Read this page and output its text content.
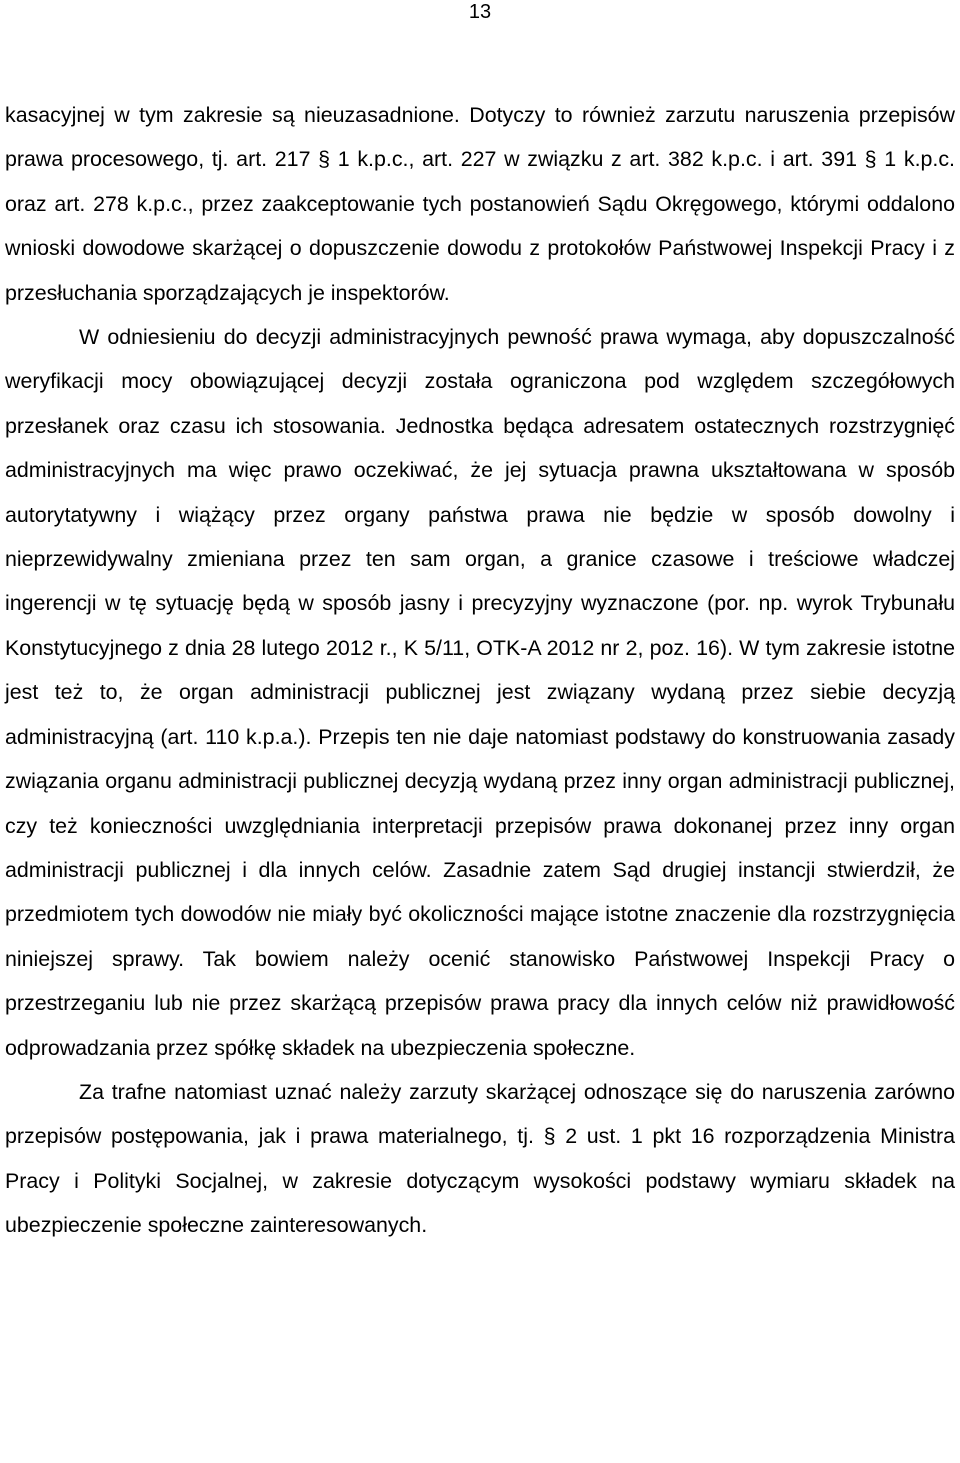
13

kasacyjnej w tym zakresie są nieuzasadnione. Dotyczy to również zarzutu naruszenia przepisów prawa procesowego, tj. art. 217 § 1 k.p.c., art. 227 w związku z art. 382 k.p.c. i art. 391 § 1 k.p.c. oraz art. 278 k.p.c., przez zaakceptowanie tych postanowień Sądu Okręgowego, którymi oddalono wnioski dowodowe skarżącej o dopuszczenie dowodu z protokołów Państwowej Inspekcji Pracy i z przesłuchania sporządzających je inspektorów.

W odniesieniu do decyzji administracyjnych pewność prawa wymaga, aby dopuszczalność weryfikacji mocy obowiązującej decyzji została ograniczona pod względem szczegółowych przesłanek oraz czasu ich stosowania. Jednostka będąca adresatem ostatecznych rozstrzygnięć administracyjnych ma więc prawo oczekiwać, że jej sytuacja prawna ukształtowana w sposób autorytatywny i wiążący przez organy państwa prawa nie będzie w sposób dowolny i nieprzewidywalny zmieniana przez ten sam organ, a granice czasowe i treściowe władczej ingerencji w tę sytuację będą w sposób jasny i precyzyjny wyznaczone (por. np. wyrok Trybunału Konstytucyjnego z dnia 28 lutego 2012 r., K 5/11, OTK-A 2012 nr 2, poz. 16). W tym zakresie istotne jest też to, że organ administracji publicznej jest związany wydaną przez siebie decyzją administracyjną (art. 110 k.p.a.). Przepis ten nie daje natomiast podstawy do konstruowania zasady związania organu administracji publicznej decyzją wydaną przez inny organ administracji publicznej, czy też konieczności uwzględniania interpretacji przepisów prawa dokonanej przez inny organ administracji publicznej i dla innych celów. Zasadnie zatem Sąd drugiej instancji stwierdził, że przedmiotem tych dowodów nie miały być okoliczności mające istotne znaczenie dla rozstrzygnięcia niniejszej sprawy. Tak bowiem należy ocenić stanowisko Państwowej Inspekcji Pracy o przestrzeganiu lub nie przez skarżącą przepisów prawa pracy dla innych celów niż prawidłowość odprowadzania przez spółkę składek na ubezpieczenia społeczne.

Za trafne natomiast uznać należy zarzuty skarżącej odnoszące się do naruszenia zarówno przepisów postępowania, jak i prawa materialnego, tj. § 2 ust. 1 pkt 16 rozporządzenia Ministra Pracy i Polityki Socjalnej, w zakresie dotyczącym wysokości podstawy wymiaru składek na ubezpieczenie społeczne zainteresowanych.
